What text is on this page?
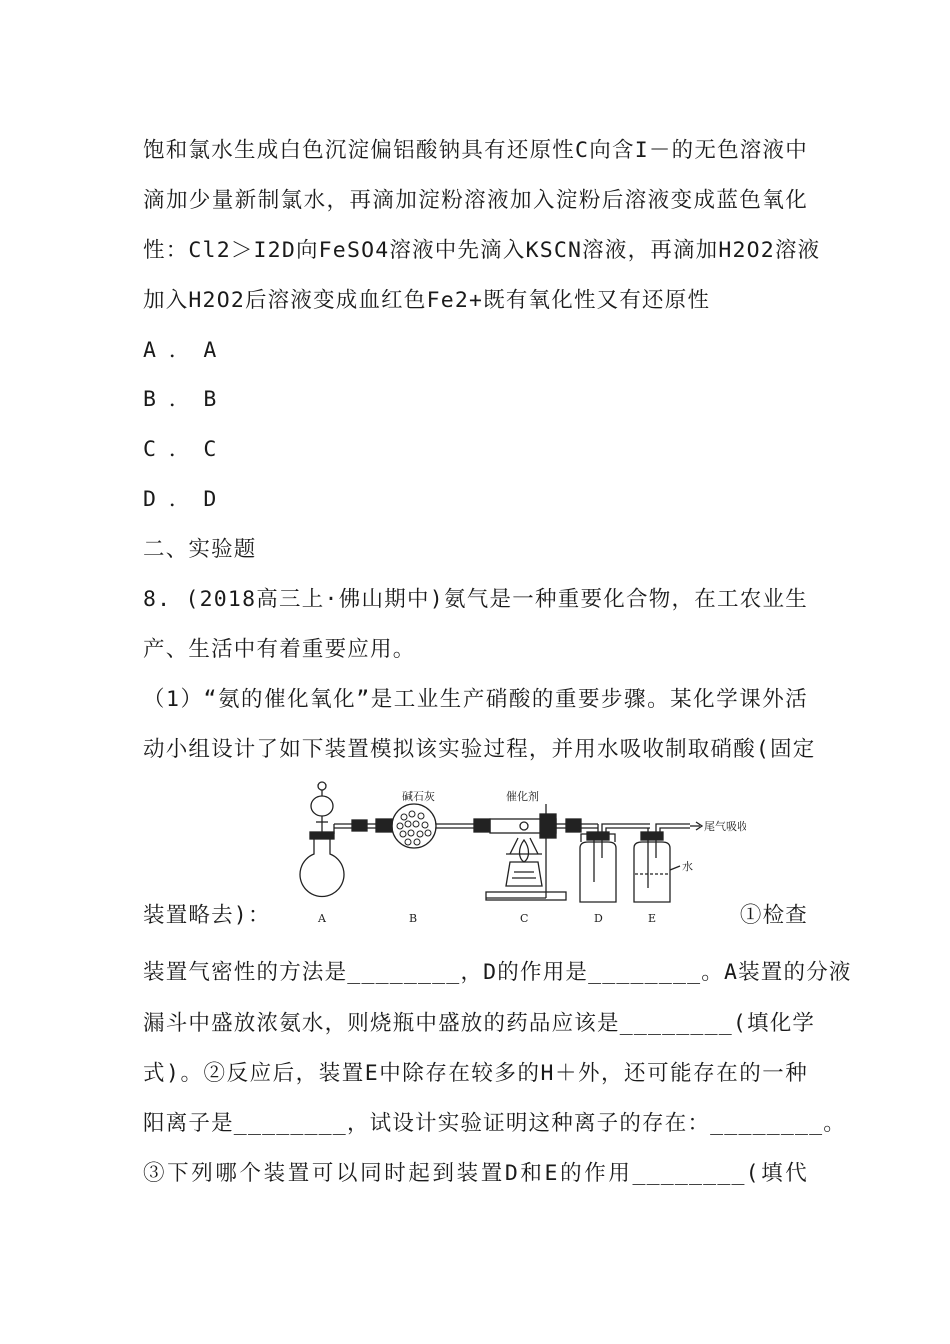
饱和氯水生成白色沉淀偏铝酸钠具有还原性C向含I－的无色溶液中
滴加少量新制氯水，再滴加淀粉溶液加入淀粉后溶液变成蓝色氧化
性：Cl2＞I2D向FeSO4溶液中先滴入KSCN溶液，再滴加H2O2溶液
加入H2O2后溶液变成血红色Fe2+既有氧化性又有还原性
A ． A
B ． B
C ． C
D ． D
二、实验题
8. (2018高三上·佛山期中)氨气是一种重要化合物，在工农业生
产、生活中有着重要应用。
（1）“氨的催化氧化”是工业生产硝酸的重要步骤。某化学课外活
动小组设计了如下装置模拟该实验过程，并用水吸收制取硝酸(固定
装置略去)：
碱石灰	催化剂
尾气吸收
水
A	B	C	D	E	①检查
装置气密性的方法是________，D的作用是________。A装置的分液
漏斗中盛放浓氨水，则烧瓶中盛放的药品应该是________(填化学
式)。②反应后，装置E中除存在较多的H＋外，还可能存在的一种
阳离子是________，试设计实验证明这种离子的存在：________。
③下列哪个装置可以同时起到装置D和E的作用________(填代
